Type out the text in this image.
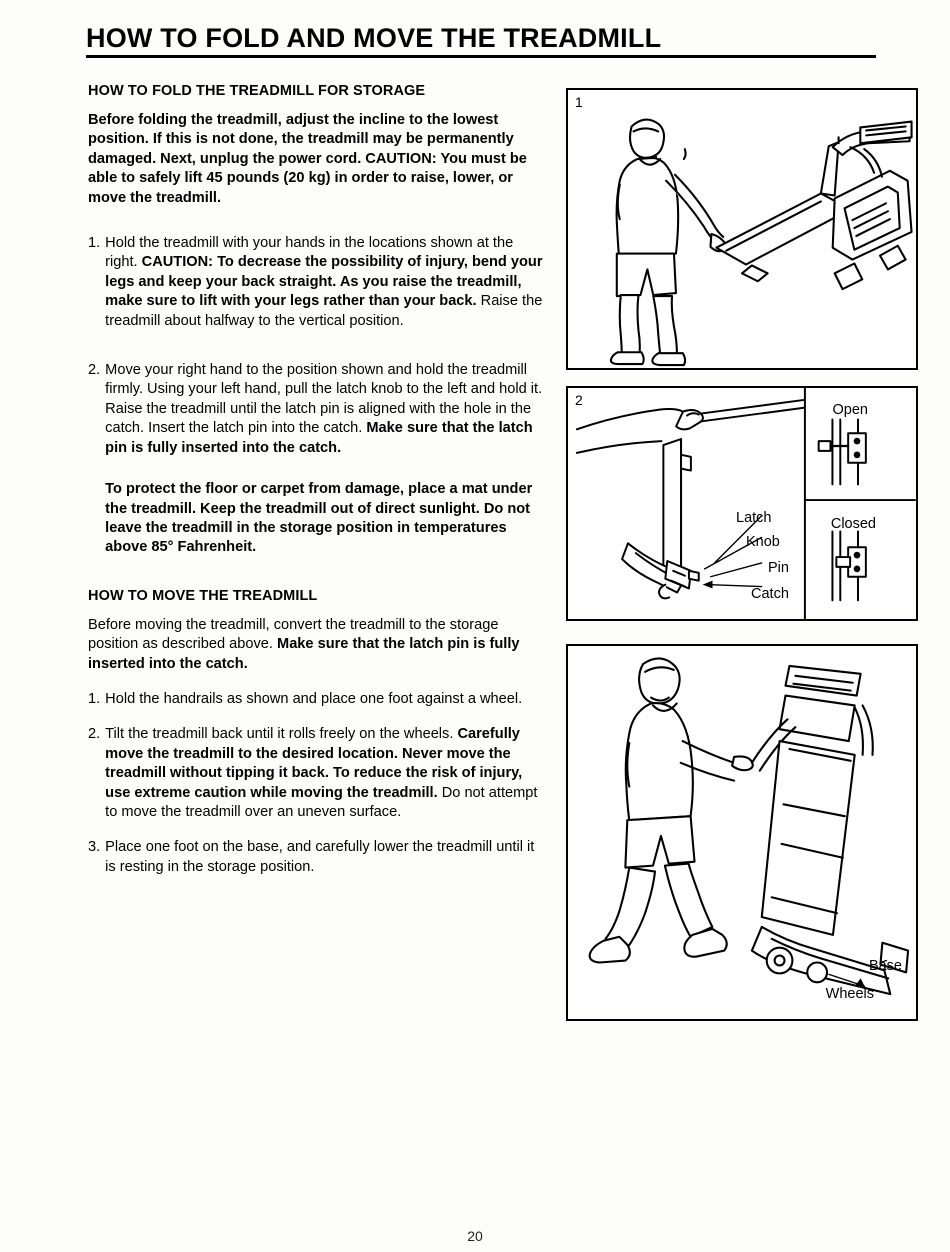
HOW TO FOLD AND MOVE THE TREADMILL
HOW TO FOLD THE TREADMILL FOR STORAGE
Before folding the treadmill, adjust the incline to the lowest position. If this is not done, the treadmill may be permanently damaged. Next, unplug the power cord. CAUTION: You must be able to safely lift 45 pounds (20 kg) in order to raise, lower, or move the treadmill.
1. Hold the treadmill with your hands in the locations shown at the right. CAUTION: To decrease the possibility of injury, bend your legs and keep your back straight. As you raise the treadmill, make sure to lift with your legs rather than your back. Raise the treadmill about halfway to the vertical position.
2. Move your right hand to the position shown and hold the treadmill firmly. Using your left hand, pull the latch knob to the left and hold it. Raise the treadmill until the latch pin is aligned with the hole in the catch. Insert the latch pin into the catch. Make sure that the latch pin is fully inserted into the catch.

To protect the floor or carpet from damage, place a mat under the treadmill. Keep the treadmill out of direct sunlight. Do not leave the treadmill in the storage position in temperatures above 85° Fahrenheit.
HOW TO MOVE THE TREADMILL
Before moving the treadmill, convert the treadmill to the storage position as described above. Make sure that the latch pin is fully inserted into the catch.
1. Hold the handrails as shown and place one foot against a wheel.
2. Tilt the treadmill back until it rolls freely on the wheels. Carefully move the treadmill to the desired location. Never move the treadmill without tipping it back. To reduce the risk of injury, use extreme caution while moving the treadmill. Do not attempt to move the treadmill over an uneven surface.
3. Place one foot on the base, and carefully lower the treadmill until it is resting in the storage position.
1
2
Open
Closed
Latch
Knob
Pin
Catch
Base
Wheels
20
